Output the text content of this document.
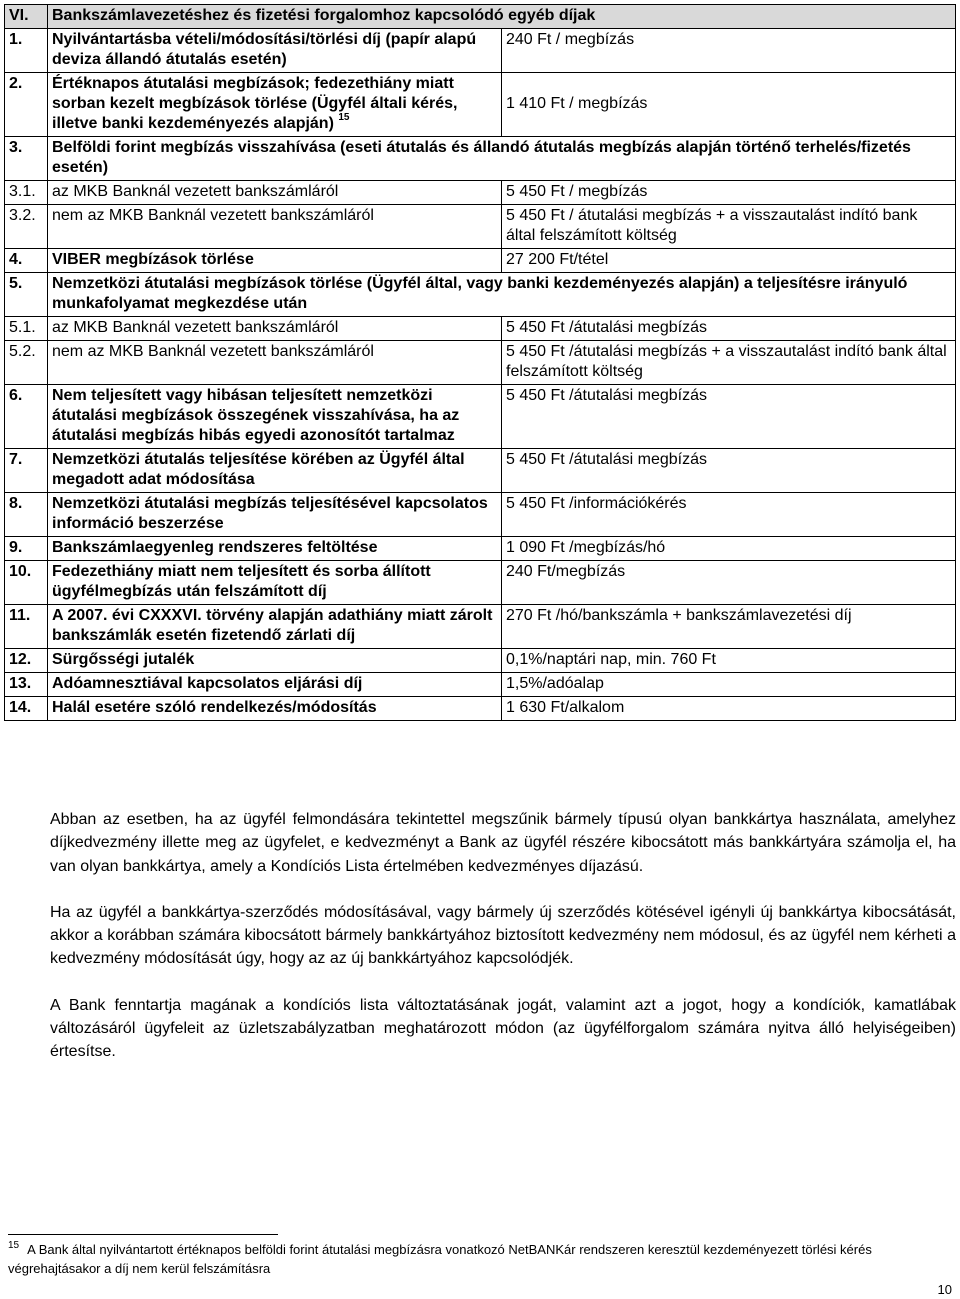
VI.	Bankszámlavezetéshez és fizetési forgalomhoz kapcsolódó egyéb díjak	
1.	Nyilvántartásba vételi/módosítási/törlési díj (papír alapú deviza állandó átutalás esetén)	240 Ft / megbízás
2.	Értéknapos átutalási megbízások; fedezethiány miatt sorban kezelt megbízások törlése (Ügyfél általi kérés, illetve banki kezdeményezés alapján) $^{15}$	1 410 Ft / megbízás
3.	Belföldi forint megbízás visszahívása (eseti átutalás és állandó átutalás megbízás alapján történő terhelés/fizetés esetén)	
3.1.	az MKB Banknál vezetett bankszámláról	5 450 Ft / megbízás
3.2.	nem az MKB Banknál vezetett bankszámláról	5 450 Ft / átutalási megbízás + a visszautalást indító bank által felszámított költség
4.	VIBER megbízások törlése	27 200 Ft/tétel
5.	Nemzetközi átutalási megbízások törlése (Ügyfél által, vagy banki kezdeményezés alapján) a teljesítésre irányuló munkafolyamat megkezdése után	
5.1.	az MKB Banknál vezetett bankszámláról	5 450 Ft /átutalási megbízás
5.2.	nem az MKB Banknál vezetett bankszámláról	5 450 Ft /átutalási megbízás + a visszautalást indító bank által felszámított költség
6.	Nem teljesített vagy hibásan teljesített nemzetközi átutalási megbízások összegének visszahívása, ha az átutalási megbízás hibás egyedi azonosítót tartalmaz	5 450 Ft /átutalási megbízás
7.	Nemzetközi átutalás teljesítése körében az Ügyfél által megadott adat módosítása	5 450 Ft /átutalási megbízás
8.	Nemzetközi átutalási megbízás teljesítésével kapcsolatos információ beszerzése	5 450 Ft /információkérés
9.	Bankszámlaegyenleg rendszeres feltöltése	1 090 Ft /megbízás/hó
10.	Fedezethiány miatt nem teljesített és sorba állított ügyfélmegbízás után felszámított díj	240 Ft/megbízás
11.	A 2007. évi CXXXVI. törvény alapján adathiány miatt zárolt bankszámlák esetén fizetendő zárlati díj	270 Ft /hó/bankszámla + bankszámlavezetési díj
12.	Sürgősségi jutalék	0,1%/naptári nap, min. 760 Ft
13.	Adóamnesztiával kapcsolatos eljárási díj	1,5%/adóalap
14.	Halál esetére szóló rendelkezés/módosítás	1 630 Ft/alkalom

Abban az esetben, ha az ügyfél felmondására tekintettel megszűnik bármely típusú olyan bankkártya használata, amelyhez díjkedvezmény illette meg az ügyfelet, e kedvezményt a Bank az ügyfél részére kibocsátott más bankkártyára számolja el, ha van olyan bankkártya, amely a Kondíciós Lista értelmében kedvezményes díjazású.

Ha az ügyfél a bankkártya-szerződés módosításával, vagy bármely új szerződés kötésével igényli új bankkártya kibocsátását, akkor a korábban számára kibocsátott bármely bankkártyához biztosított kedvezmény nem módosul, és az ügyfél nem kérheti a kedvezmény módosítását úgy, hogy az az új bankkártyához kapcsolódjék.

A Bank fenntartja magának a kondíciós lista változtatásának jogát, valamint azt a jogot, hogy a kondíciók, kamatlábak változásáról ügyfeleit az üzletszabályzatban meghatározott módon (az ügyfélforgalom számára nyitva álló helyiségeiben) értesítse.

$^{15}$ A Bank által nyilvántartott értéknapos belföldi forint átutalási megbízásra vonatkozó NetBANKár rendszeren keresztül kezdeményezett törlési kérés végrehajtásakor a díj nem kerül felszámításra
10
